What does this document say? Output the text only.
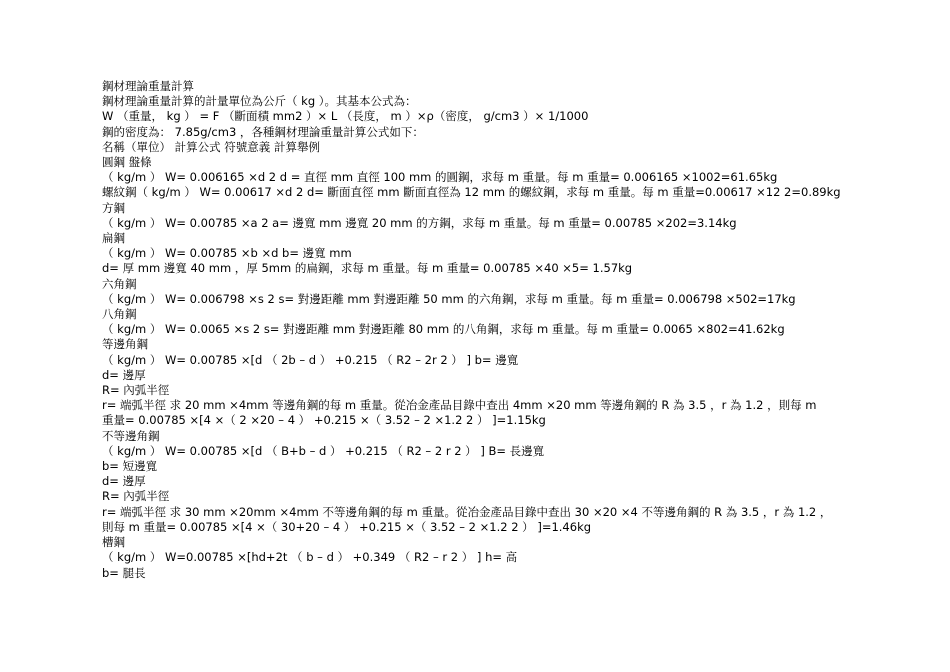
鋼材理論重量計算
鋼材理論重量計算的計量單位為公斤（ kg ）。其基本公式為：
W （重量， kg ） = F （斷面積 mm2 ）× L （長度， m ）×ρ（密度， g/cm3 ）× 1/1000
鋼的密度為： 7.85g/cm3 ，各種鋼材理論重量計算公式如下：
名稱（單位） 計算公式 符號意義 計算舉例
圓鋼 盤條
（ kg/m ） W= 0.006165 ×d 2 d = 直徑 mm 直徑 100 mm 的圓鋼，求每 m 重量。每 m 重量= 0.006165 ×1002=61.65kg
螺紋鋼（ kg/m ） W= 0.00617 ×d 2 d= 斷面直徑 mm 斷面直徑為 12 mm 的螺紋鋼，求每 m 重量。每 m 重量=0.00617 ×12 2=0.89kg
方鋼
（ kg/m ） W= 0.00785 ×a 2 a= 邊寬 mm 邊寬 20 mm 的方鋼，求每 m 重量。每 m 重量= 0.00785 ×202=3.14kg
扁鋼
（ kg/m ） W= 0.00785 ×b ×d b= 邊寬 mm
d= 厚 mm 邊寬 40 mm ，厚 5mm 的扁鋼，求每 m 重量。每 m 重量= 0.00785 ×40 ×5= 1.57kg
六角鋼
（ kg/m ） W= 0.006798 ×s 2 s= 對邊距離 mm 對邊距離 50 mm 的六角鋼，求每 m 重量。每 m 重量= 0.006798 ×502=17kg
八角鋼
（ kg/m ） W= 0.0065 ×s 2 s= 對邊距離 mm 對邊距離 80 mm 的八角鋼，求每 m 重量。每 m 重量= 0.0065 ×802=41.62kg
等邊角鋼
（ kg/m ） W= 0.00785 ×[d （ 2b – d ） +0.215 （ R2 – 2r 2 ） ] b= 邊寬
d= 邊厚
R= 內弧半徑
r= 端弧半徑 求 20 mm ×4mm 等邊角鋼的每 m 重量。從冶金產品目錄中查出 4mm ×20 mm 等邊角鋼的 R 為 3.5 ，r 為 1.2 ，則每 m
重量= 0.00785 ×[4 ×（ 2 ×20 – 4 ） +0.215 ×（ 3.52 – 2 ×1.2 2 ） ]=1.15kg
不等邊角鋼
（ kg/m ） W= 0.00785 ×[d （ B+b – d ） +0.215 （ R2 – 2 r 2 ） ] B= 長邊寬
b= 短邊寬
d= 邊厚
R= 內弧半徑
r= 端弧半徑 求 30 mm ×20mm ×4mm 不等邊角鋼的每 m 重量。從冶金產品目錄中查出 30 ×20 ×4 不等邊角鋼的 R 為 3.5 ，r 為 1.2 ，
則每 m 重量= 0.00785 ×[4 ×（ 30+20 – 4 ） +0.215 ×（ 3.52 – 2 ×1.2 2 ） ]=1.46kg
槽鋼
（ kg/m ） W=0.00785 ×[hd+2t （ b – d ） +0.349 （ R2 – r 2 ） ] h= 高
b= 腿長
